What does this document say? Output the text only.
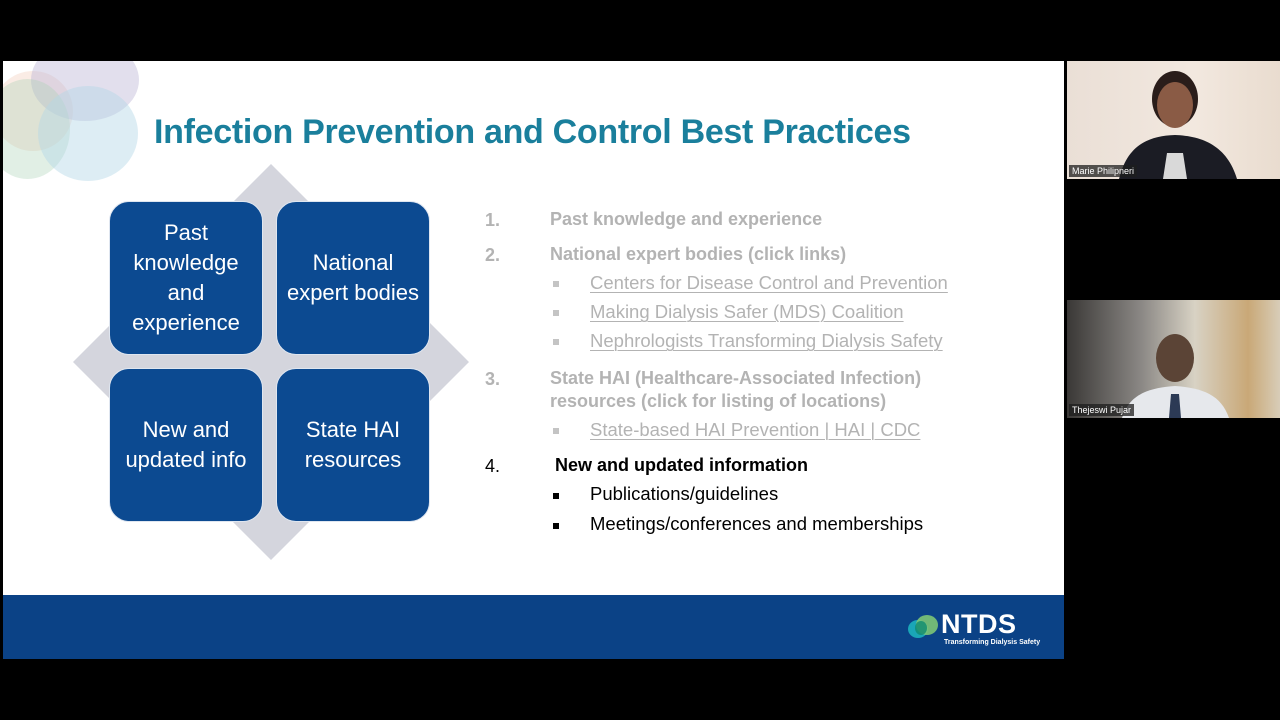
Infection Prevention and Control Best Practices
Past knowledge and experience
National expert bodies
New and updated info
State HAI resources
1.	Past knowledge and experience
2.	National expert bodies (click links)
Centers for Disease Control and Prevention
Making Dialysis Safer (MDS) Coalition
Nephrologists Transforming Dialysis Safety
3.	State HAI (Healthcare-Associated Infection)
resources (click for listing of locations)
State-based HAI Prevention | HAI | CDC
4.	New and updated information
Publications/guidelines
Meetings/conferences and memberships
NTDS
Transforming Dialysis Safety
Marie Philipneri
Thejeswi Pujar
